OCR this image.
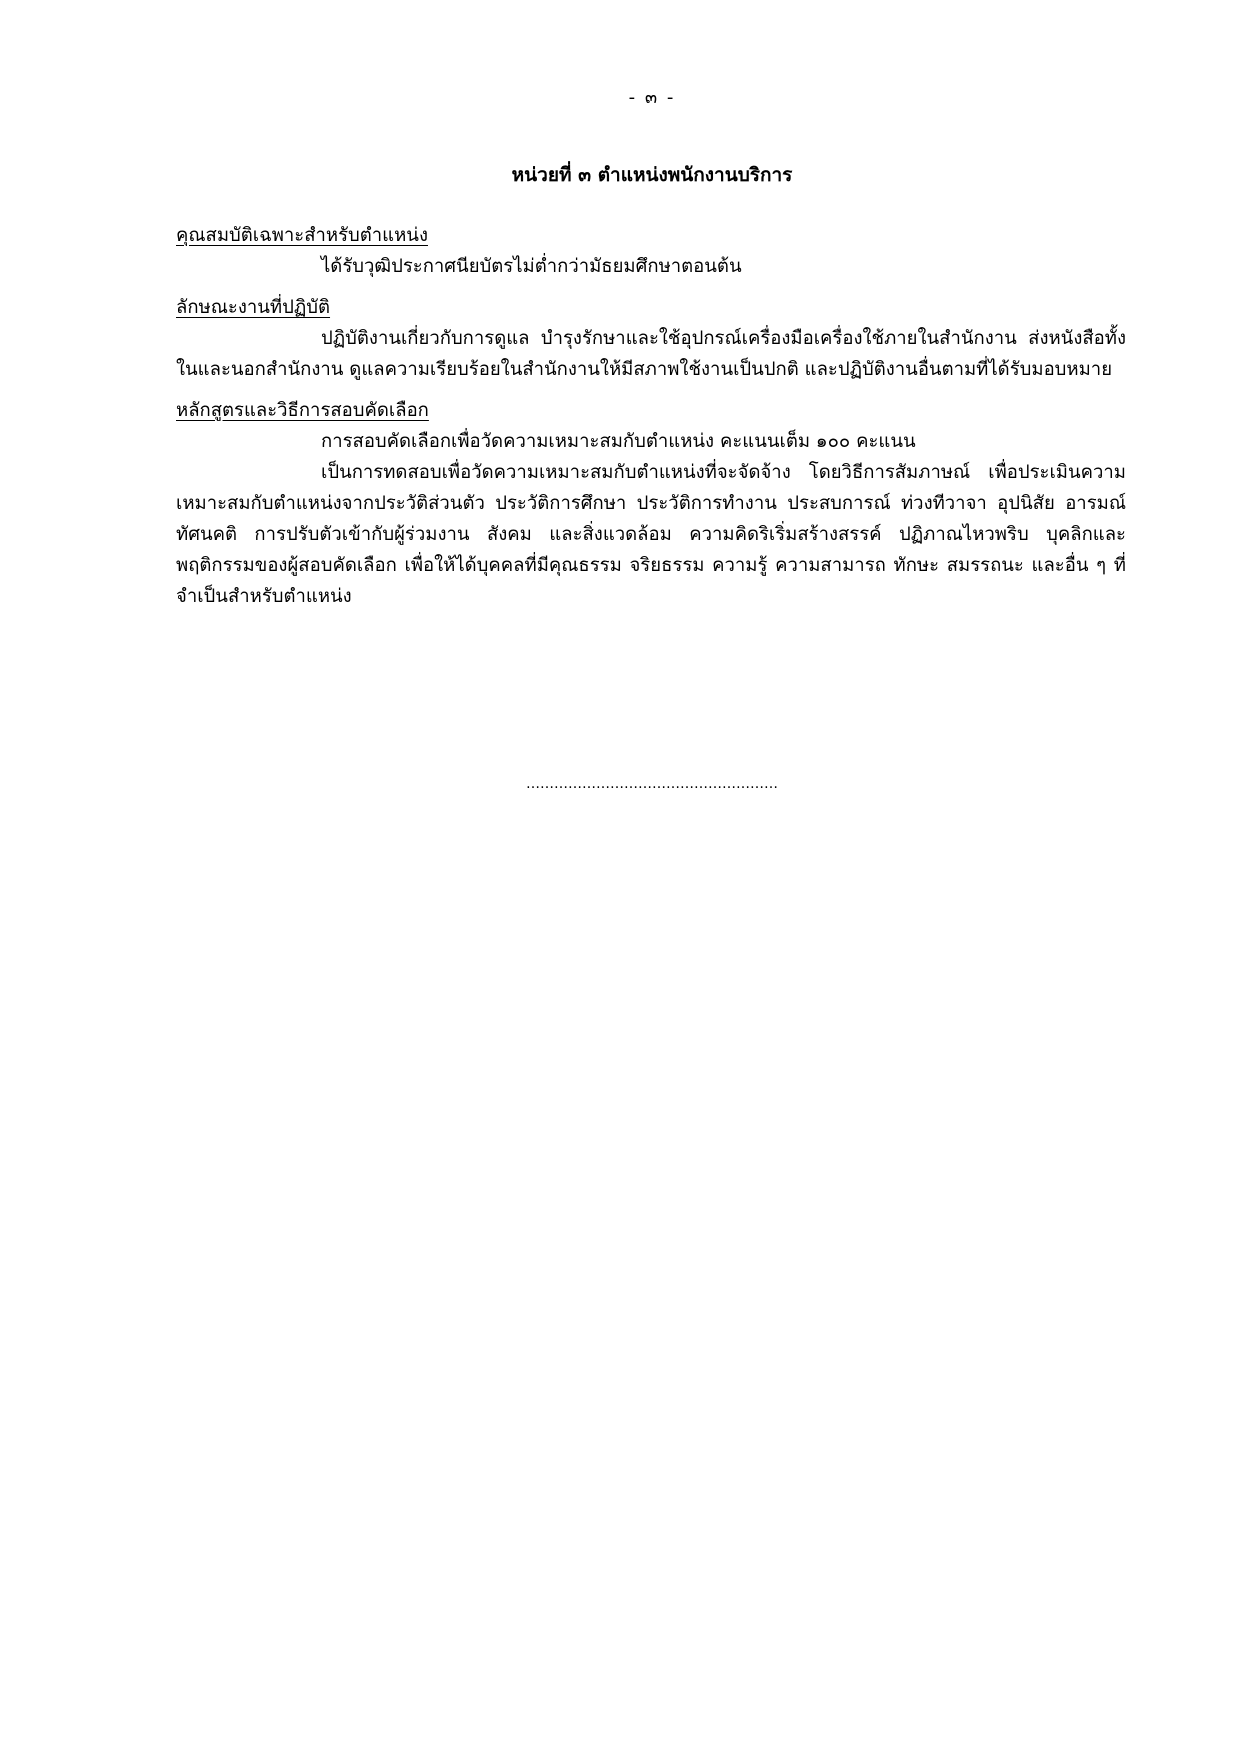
- ๓ -
หน่วยที่ ๓ ตำแหน่งพนักงานบริการ

คุณสมบัติเฉพาะสำหรับตำแหน่ง

ได้รับวุฒิประกาศนียบัตรไม่ต่ำกว่ามัธยมศึกษาตอนต้น

ลักษณะงานที่ปฏิบัติ

ปฏิบัติงานเกี่ยวกับการดูแล บำรุงรักษาและใช้อุปกรณ์เครื่องมือเครื่องใช้ภายในสำนักงาน ส่งหนังสือทั้งในและนอกสำนักงาน ดูแลความเรียบร้อยในสำนักงานให้มีสภาพใช้งานเป็นปกติ และปฏิบัติงานอื่นตามที่ได้รับมอบหมาย

หลักสูตรและวิธีการสอบคัดเลือก

การสอบคัดเลือกเพื่อวัดความเหมาะสมกับตำแหน่ง คะแนนเต็ม ๑๐๐ คะแนน

เป็นการทดสอบเพื่อวัดความเหมาะสมกับตำแหน่งที่จะจัดจ้าง โดยวิธีการสัมภาษณ์ เพื่อประเมินความเหมาะสมกับตำแหน่งจากประวัติส่วนตัว ประวัติการศึกษา ประวัติการทำงาน ประสบการณ์ ท่วงทีวาจา อุปนิสัย อารมณ์ ทัศนคติ การปรับตัวเข้ากับผู้ร่วมงาน สังคม และสิ่งแวดล้อม ความคิดริเริ่มสร้างสรรค์ ปฏิภาณไหวพริบ บุคลิกและพฤติกรรมของผู้สอบคัดเลือก เพื่อให้ได้บุคคลที่มีคุณธรรม จริยธรรม ความรู้ ความสามารถ ทักษะ สมรรถนะ และอื่น ๆ ที่จำเป็นสำหรับตำแหน่ง

………………………………………………
